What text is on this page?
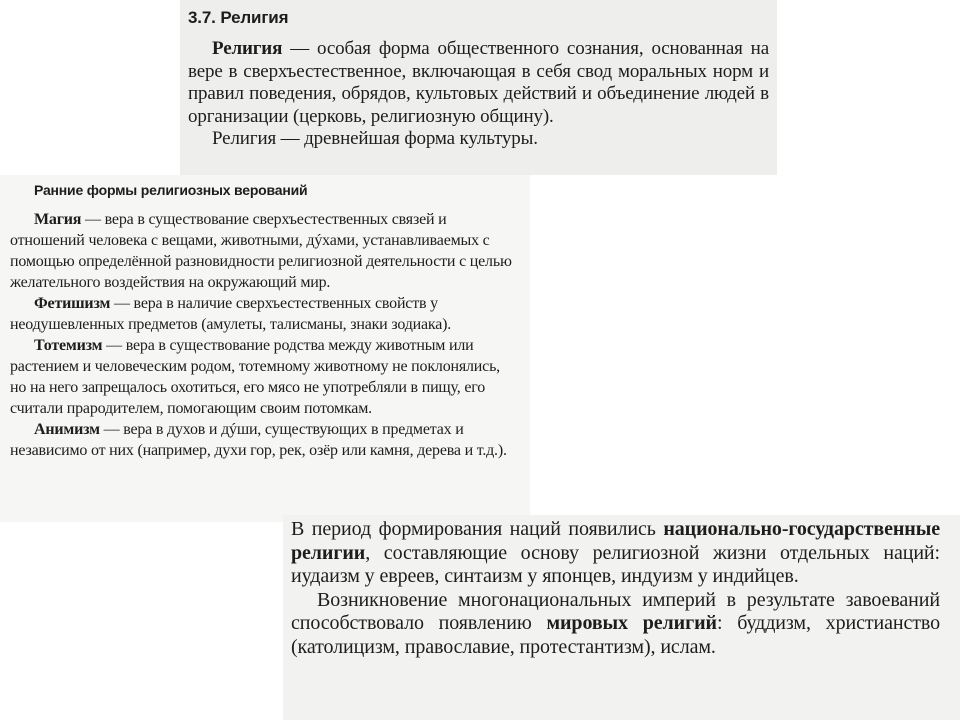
3.7. Религия

Религия — особая форма общественного сознания, основанная на вере в сверхъестественное, включающая в себя свод моральных норм и правил поведения, обрядов, культовых действий и объединение людей в организации (церковь, религиозную общину).

Религия — древнейшая форма культуры.

Ранние формы религиозных верований

Магия — вера в существование сверхъестественных связей и отношений человека с вещами, животными, дýхами, устанавливаемых с помощью определённой разновидности религиозной деятельности с целью желательного воздействия на окружающий мир.

Фетишизм — вера в наличие сверхъестественных свойств у неодушевленных предметов (амулеты, талисманы, знаки зодиака).

Тотемизм — вера в существование родства между животным или растением и человеческим родом, тотемному животному не поклонялись, но на него запрещалось охотиться, его мясо не употребляли в пищу, его считали прародителем, помогающим своим потомкам.

Анимизм — вера в духов и дýши, существующих в предметах и независимо от них (например, духи гор, рек, озёр или камня, дерева и т.д.).

В период формирования наций появились национально-государственные религии, составляющие основу религиозной жизни отдельных наций: иудаизм у евреев, синтаизм у японцев, индуизм у индийцев.

Возникновение многонациональных империй в результате завоеваний способствовало появлению мировых религий: буддизм, христианство (католицизм, православие, протестантизм), ислам.
